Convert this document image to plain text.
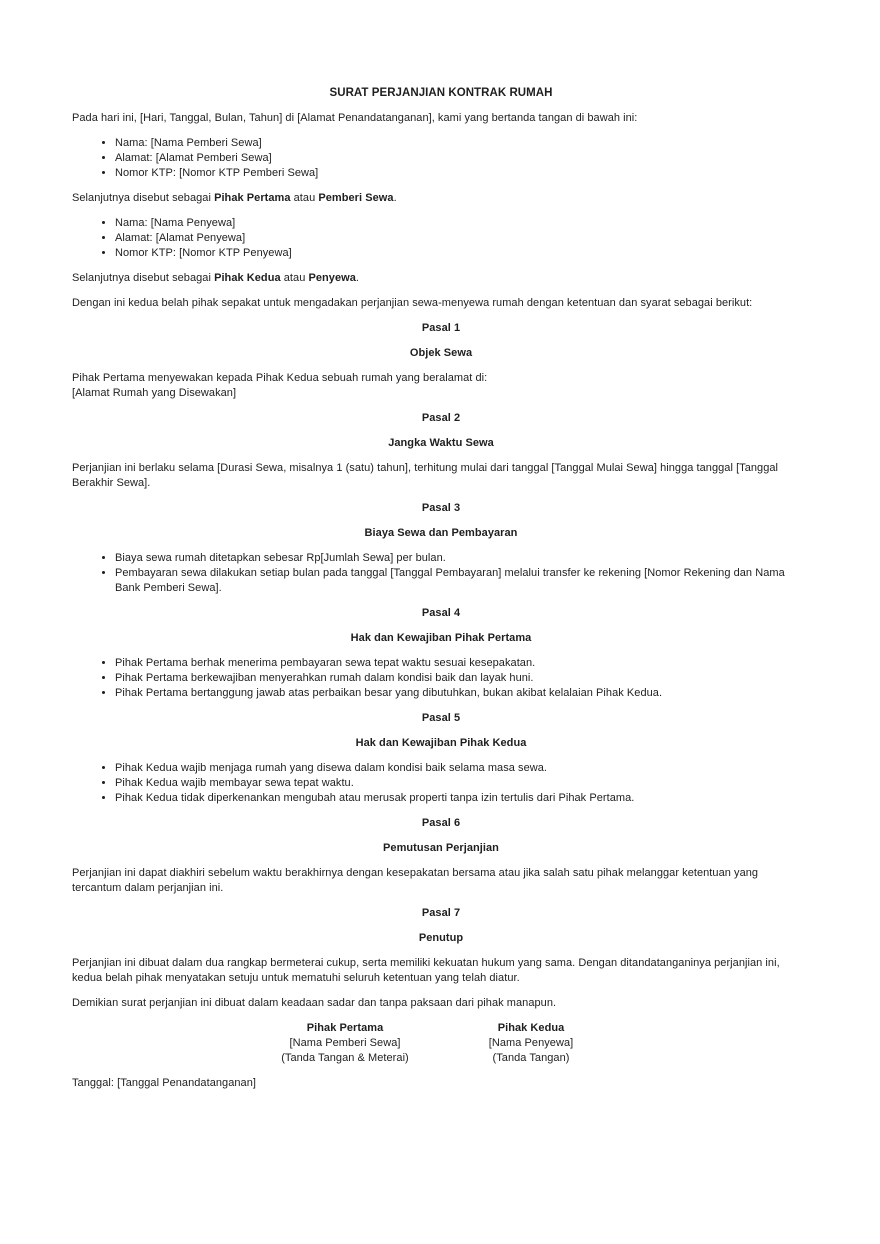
SURAT PERJANJIAN KONTRAK RUMAH

Pada hari ini, [Hari, Tanggal, Bulan, Tahun] di [Alamat Penandatanganan], kami yang bertanda tangan di bawah ini:

• Nama: [Nama Pemberi Sewa]
• Alamat: [Alamat Pemberi Sewa]
• Nomor KTP: [Nomor KTP Pemberi Sewa]

Selanjutnya disebut sebagai Pihak Pertama atau Pemberi Sewa.

• Nama: [Nama Penyewa]
• Alamat: [Alamat Penyewa]
• Nomor KTP: [Nomor KTP Penyewa]

Selanjutnya disebut sebagai Pihak Kedua atau Penyewa.

Dengan ini kedua belah pihak sepakat untuk mengadakan perjanjian sewa-menyewa rumah dengan ketentuan dan syarat sebagai berikut:

Pasal 1
Objek Sewa

Pihak Pertama menyewakan kepada Pihak Kedua sebuah rumah yang beralamat di:
[Alamat Rumah yang Disewakan]

Pasal 2
Jangka Waktu Sewa

Perjanjian ini berlaku selama [Durasi Sewa, misalnya 1 (satu) tahun], terhitung mulai dari tanggal [Tanggal Mulai Sewa] hingga tanggal [Tanggal Berakhir Sewa].

Pasal 3
Biaya Sewa dan Pembayaran
• Biaya sewa rumah ditetapkan sebesar Rp[Jumlah Sewa] per bulan.
• Pembayaran sewa dilakukan setiap bulan pada tanggal [Tanggal Pembayaran] melalui transfer ke rekening [Nomor Rekening dan Nama Bank Pemberi Sewa].
Pasal 4
Hak dan Kewajiban Pihak Pertama
• Pihak Pertama berhak menerima pembayaran sewa tepat waktu sesuai kesepakatan.
• Pihak Pertama berkewajiban menyerahkan rumah dalam kondisi baik dan layak huni.
• Pihak Pertama bertanggung jawab atas perbaikan besar yang dibutuhkan, bukan akibat kelalaian Pihak Kedua.
Pasal 5
Hak dan Kewajiban Pihak Kedua
• Pihak Kedua wajib menjaga rumah yang disewa dalam kondisi baik selama masa sewa.
• Pihak Kedua wajib membayar sewa tepat waktu.
• Pihak Kedua tidak diperkenankan mengubah atau merusak properti tanpa izin tertulis dari Pihak Pertama.
Pasal 6
Pemutusan Perjanjian

Perjanjian ini dapat diakhiri sebelum waktu berakhirnya dengan kesepakatan bersama atau jika salah satu pihak melanggar ketentuan yang tercantum dalam perjanjian ini.

Pasal 7
Penutup

Perjanjian ini dibuat dalam dua rangkap bermeterai cukup, serta memiliki kekuatan hukum yang sama. Dengan ditandatanganinya perjanjian ini, kedua belah pihak menyatakan setuju untuk mematuhi seluruh ketentuan yang telah diatur.

Demikian surat perjanjian ini dibuat dalam keadaan sadar dan tanpa paksaan dari pihak manapun.

Pihak Pertama
[Nama Pemberi Sewa]
(Tanda Tangan & Meterai)
Pihak Kedua
[Nama Penyewa]
(Tanda Tangan)

Tanggal: [Tanggal Penandatanganan]
